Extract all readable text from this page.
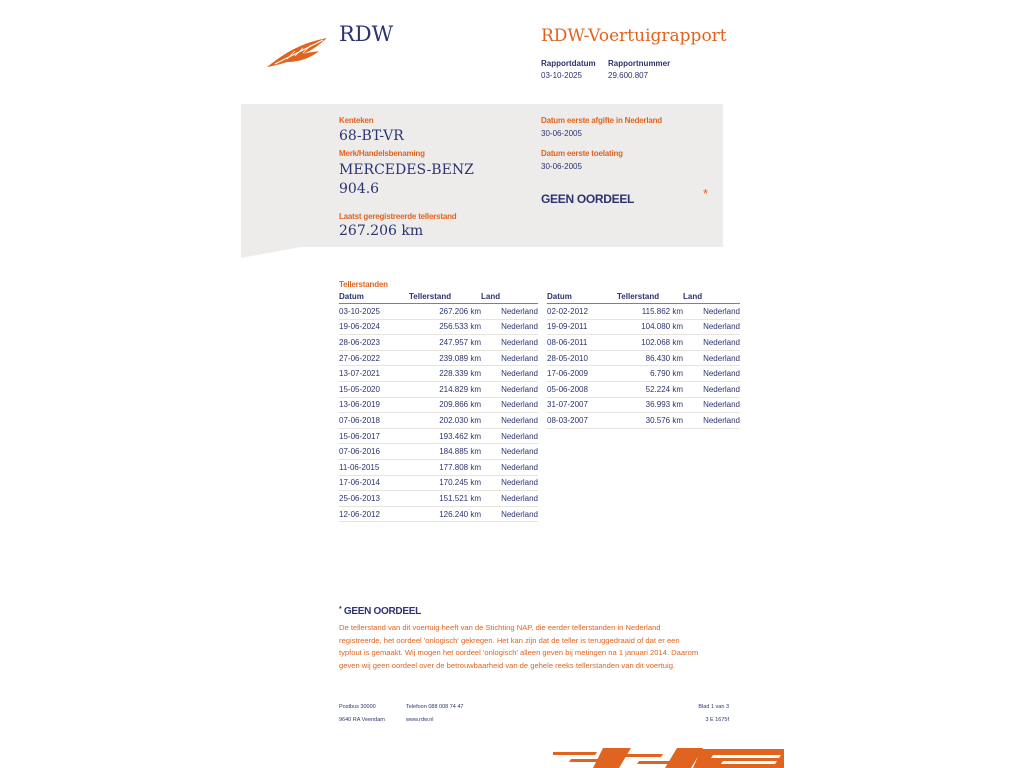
RDW	RDW-Voertuigrapport
Rapportdatum
03-10-2025
Rapportnummer
29.600.807
Kenteken
68-BT-VR
Merk/Handelsbenaming
MERCEDES-BENZ
904.6
Laatst geregistreerde tellerstand
267.206 km
Datum eerste afgifte in Nederland
30-06-2005
Datum eerste toelating
30-06-2005
GEEN OORDEEL	*
Tellerstanden
Datum	Tellerstand	Land
03-10-2025	267.206 km	Nederland
19-06-2024	256.533 km	Nederland
28-06-2023	247.957 km	Nederland
27-06-2022	239.089 km	Nederland
13-07-2021	228.339 km	Nederland
15-05-2020	214.829 km	Nederland
13-06-2019	209.866 km	Nederland
07-06-2018	202.030 km	Nederland
15-06-2017	193.462 km	Nederland
07-06-2016	184.885 km	Nederland
11-06-2015	177.808 km	Nederland
17-06-2014	170.245 km	Nederland
25-06-2013	151.521 km	Nederland
12-06-2012	126.240 km	Nederland
Datum	Tellerstand	Land
02-02-2012	115.862 km	Nederland
19-09-2011	104.080 km	Nederland
08-06-2011	102.068 km	Nederland
28-05-2010	86.430 km	Nederland
17-06-2009	6.790 km	Nederland
05-06-2008	52.224 km	Nederland
31-07-2007	36.993 km	Nederland
08-03-2007	30.576 km	Nederland
* GEEN OORDEEL
De tellerstand van dit voertuig heeft van de Stichting NAP, die eerder tellerstanden in Nederland
registreerde, het oordeel 'onlogisch' gekregen. Het kan zijn dat de teller is teruggedraaid of dat er een
typfout is gemaakt. Wij mogen het oordeel 'onlogisch' alleen geven bij metingen na 1 januari 2014. Daarom
geven wij geen oordeel over de betrouwbaarheid van de gehele reeks tellerstanden van dit voertuig.
Postbus 30000
9640 RA Veendam
Telefoon 088 008 74 47
www.rdw.nl
Blad 1 van 3
3 E 1675f
